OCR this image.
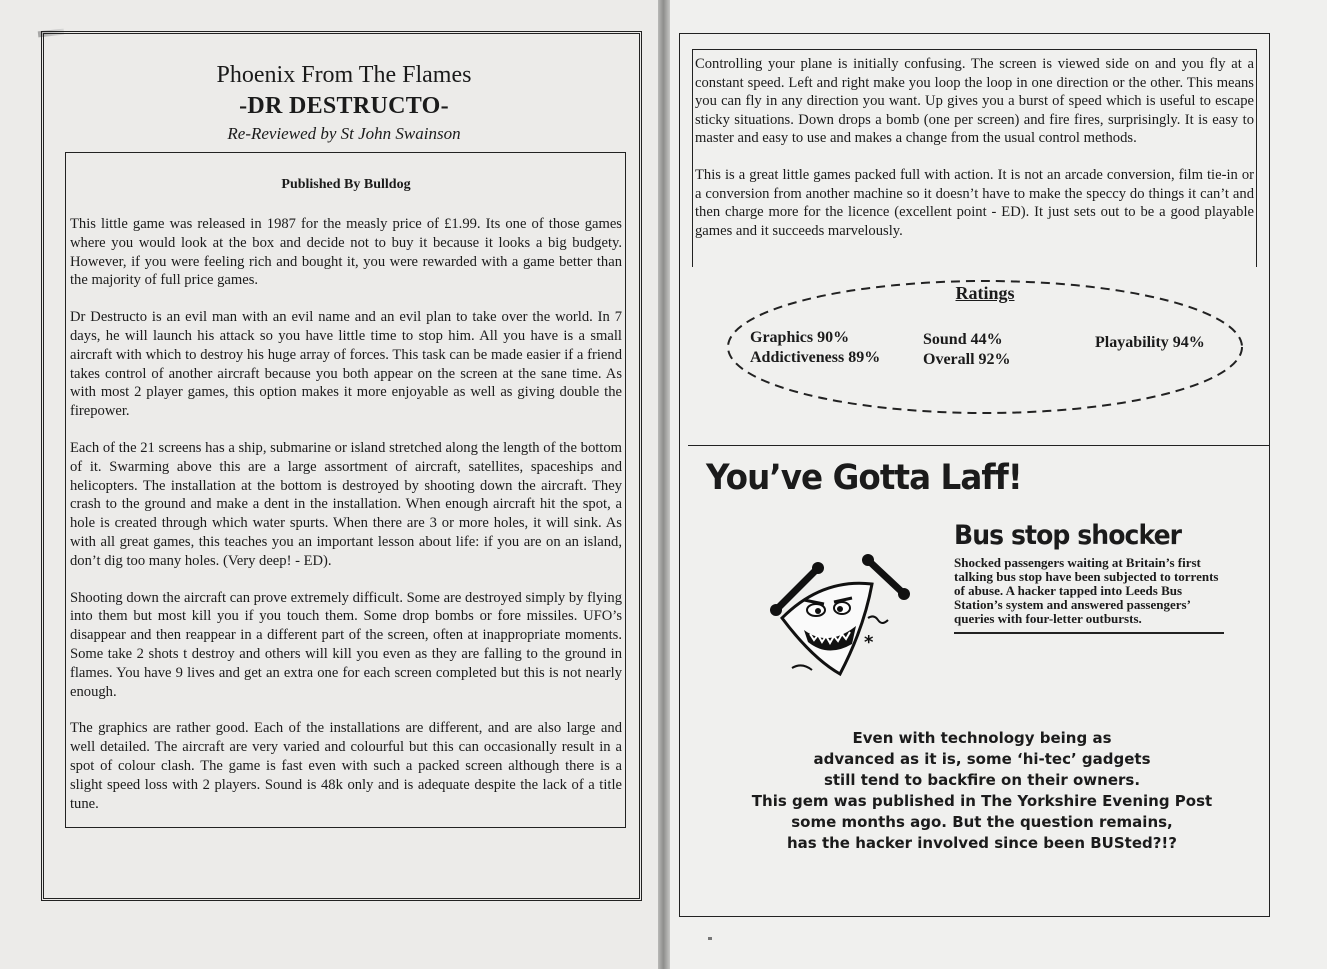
Phoenix From The Flames
-DR DESTRUCTO-
Re-Reviewed by St John Swainson
Published By Bulldog

This little game was released in 1987 for the measly price of £1.99. Its one of those games where you would look at the box and decide not to buy it because it looks a big budgety. However, if you were feeling rich and bought it, you were rewarded with a game better than the majority of full price games.

Dr Destructo is an evil man with an evil name and an evil plan to take over the world. In 7 days, he will launch his attack so you have little time to stop him. All you have is a small aircraft with which to destroy his huge array of forces. This task can be made easier if a friend takes control of another aircraft because you both appear on the screen at the sane time. As with most 2 player games, this option makes it more enjoyable as well as giving double the firepower.

Each of the 21 screens has a ship, submarine or island stretched along the length of the bottom of it. Swarming above this are a large assortment of aircraft, satellites, spaceships and helicopters. The installation at the bottom is destroyed by shooting down the aircraft. They crash to the ground and make a dent in the installation. When enough aircraft hit the spot, a hole is created through which water spurts. When there are 3 or more holes, it will sink. As with all great games, this teaches you an important lesson about life: if you are on an island, don’t dig too many holes. (Very deep! - ED).

Shooting down the aircraft can prove extremely difficult. Some are destroyed simply by flying into them but most kill you if you touch them. Some drop bombs or fore missiles. UFO’s disappear and then reappear in a different part of the screen, often at inappropriate moments. Some take 2 shots t destroy and others will kill you even as they are falling to the ground in flames. You have 9 lives and get an extra one for each screen completed but this is not nearly enough.

The graphics are rather good. Each of the installations are different, and are also large and well detailed. The aircraft are very varied and colourful but this can occasionally result in a spot of colour clash. The game is fast even with such a packed screen although there is a slight speed loss with 2 players. Sound is 48k only and is adequate despite the lack of a title tune.

Controlling your plane is initially confusing. The screen is viewed side on and you fly at a constant speed. Left and right make you loop the loop in one direction or the other. This means you can fly in any direction you want. Up gives you a burst of speed which is useful to escape sticky situations. Down drops a bomb (one per screen) and fire fires, surprisingly. It is easy to master and easy to use and makes a change from the usual control methods.

This is a great little games packed full with action. It is not an arcade conversion, film tie-in or a conversion from another machine so it doesn’t have to make the speccy do things it can’t and then charge more for the licence (excellent point - ED). It just sets out to be a good playable games and it succeeds marvelously.

Ratings
Graphics 90%
Addictiveness 89%
Sound 44%
Overall 92%
Playability 94%
You’ve Gotta Laff!
Bus stop shocker
Shocked passengers waiting at Britain’s first talking bus stop have been subjected to torrents of abuse. A hacker tapped into Leeds Bus Station’s system and answered passengers’ queries with four-letter outbursts.
*
Even with technology being as
advanced as it is, some ‘hi-tec’ gadgets
still tend to backfire on their owners.
This gem was published in The Yorkshire Evening Post
some months ago. But the question remains,
has the hacker involved since been BUSted?!?
